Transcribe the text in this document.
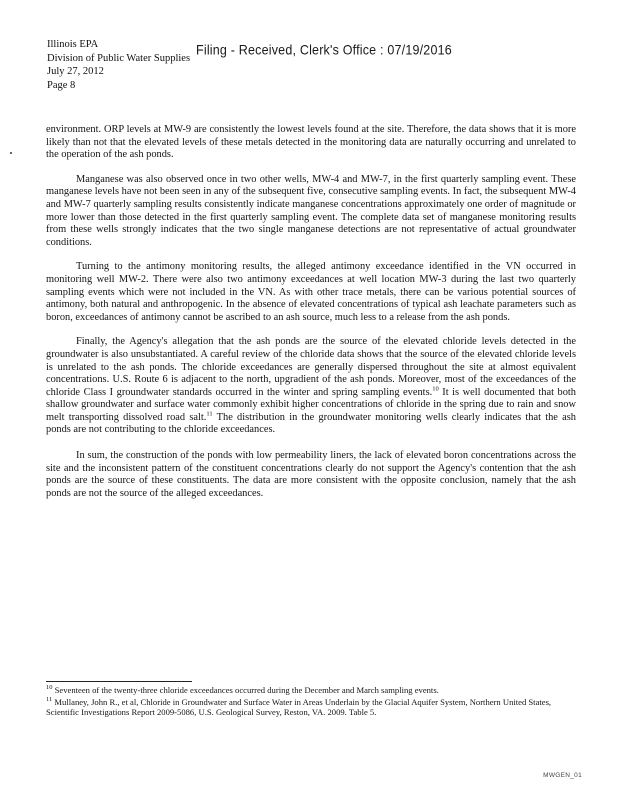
Illinois EPA
Division of Public Water Supplies
July 27, 2012
Page 8
Filing - Received, Clerk's Office : 07/19/2016

environment. ORP levels at MW-9 are consistently the lowest levels found at the site. Therefore, the data shows that it is more likely than not that the elevated levels of these metals detected in the monitoring data are naturally occurring and unrelated to the operation of the ash ponds.

Manganese was also observed once in two other wells, MW-4 and MW-7, in the first quarterly sampling event. These manganese levels have not been seen in any of the subsequent five, consecutive sampling events. In fact, the subsequent MW-4 and MW-7 quarterly sampling results consistently indicate manganese concentrations approximately one order of magnitude or more lower than those detected in the first quarterly sampling event. The complete data set of manganese monitoring results from these wells strongly indicates that the two single manganese detections are not representative of actual groundwater conditions.

Turning to the antimony monitoring results, the alleged antimony exceedance identified in the VN occurred in monitoring well MW-2. There were also two antimony exceedances at well location MW-3 during the last two quarterly sampling events which were not included in the VN. As with other trace metals, there can be various potential sources of antimony, both natural and anthropogenic. In the absence of elevated concentrations of typical ash leachate parameters such as boron, exceedances of antimony cannot be ascribed to an ash source, much less to a release from the ash ponds.

Finally, the Agency's allegation that the ash ponds are the source of the elevated chloride levels detected in the groundwater is also unsubstantiated. A careful review of the chloride data shows that the source of the elevated chloride levels is unrelated to the ash ponds. The chloride exceedances are generally dispersed throughout the site at almost equivalent concentrations. U.S. Route 6 is adjacent to the north, upgradient of the ash ponds. Moreover, most of the exceedances of the chloride Class I groundwater standards occurred in the winter and spring sampling events.$^{10}$ It is well documented that both shallow groundwater and surface water commonly exhibit higher concentrations of chloride in the spring due to rain and snow melt transporting dissolved road salt.$^{11}$ The distribution in the groundwater monitoring wells clearly indicates that the ash ponds are not contributing to the chloride exceedances.

In sum, the construction of the ponds with low permeability liners, the lack of elevated boron concentrations across the site and the inconsistent pattern of the constituent concentrations clearly do not support the Agency's contention that the ash ponds are the source of these constituents. The data are more consistent with the opposite conclusion, namely that the ash ponds are not the source of the alleged exceedances.

$^{10}$ Seventeen of the twenty-three chloride exceedances occurred during the December and March sampling events.

$^{11}$ Mullaney, John R., et al, Chloride in Groundwater and Surface Water in Areas Underlain by the Glacial Aquifer System, Northern United States, Scientific Investigations Report 2009-5086, U.S. Geological Survey, Reston, VA. 2009. Table 5.

MWGEN_01
